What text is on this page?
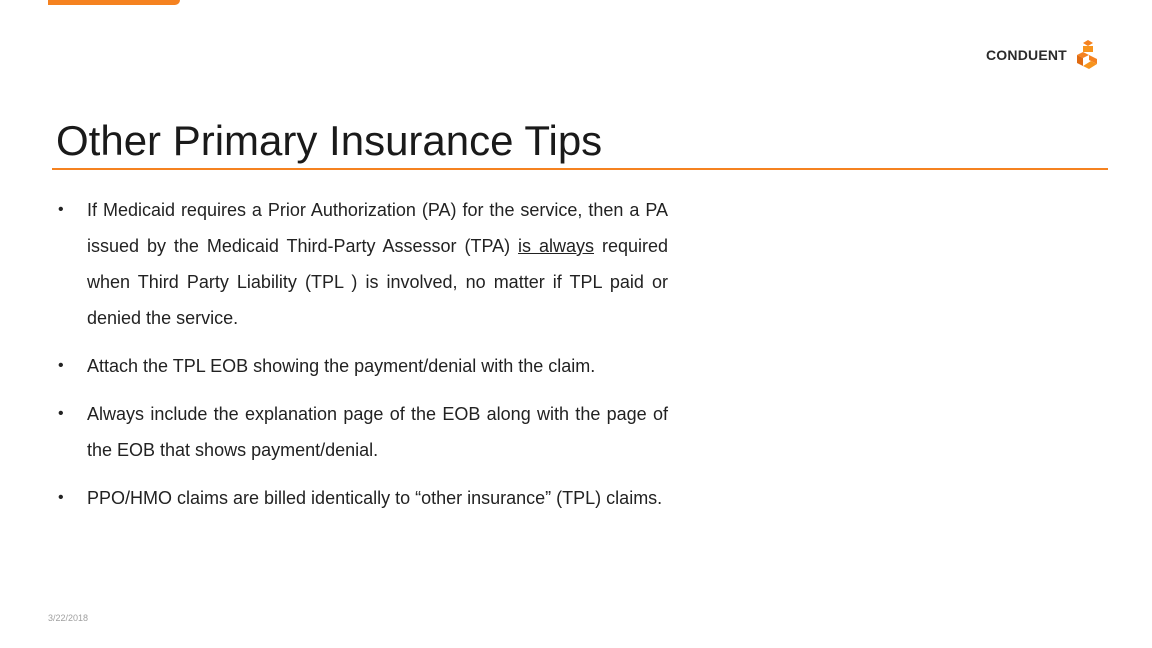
CONDUENT
Other Primary Insurance Tips
• If Medicaid requires a Prior Authorization (PA) for the service, then a PA issued by the Medicaid Third-Party Assessor (TPA) is always required when Third Party Liability (TPL ) is involved, no matter if TPL paid or denied the service.
• Attach the TPL EOB showing the payment/denial with the claim.
• Always include the explanation page of the EOB along with the page of the EOB that shows payment/denial.
• PPO/HMO claims are billed identically to “other insurance” (TPL) claims.
3/22/2018
